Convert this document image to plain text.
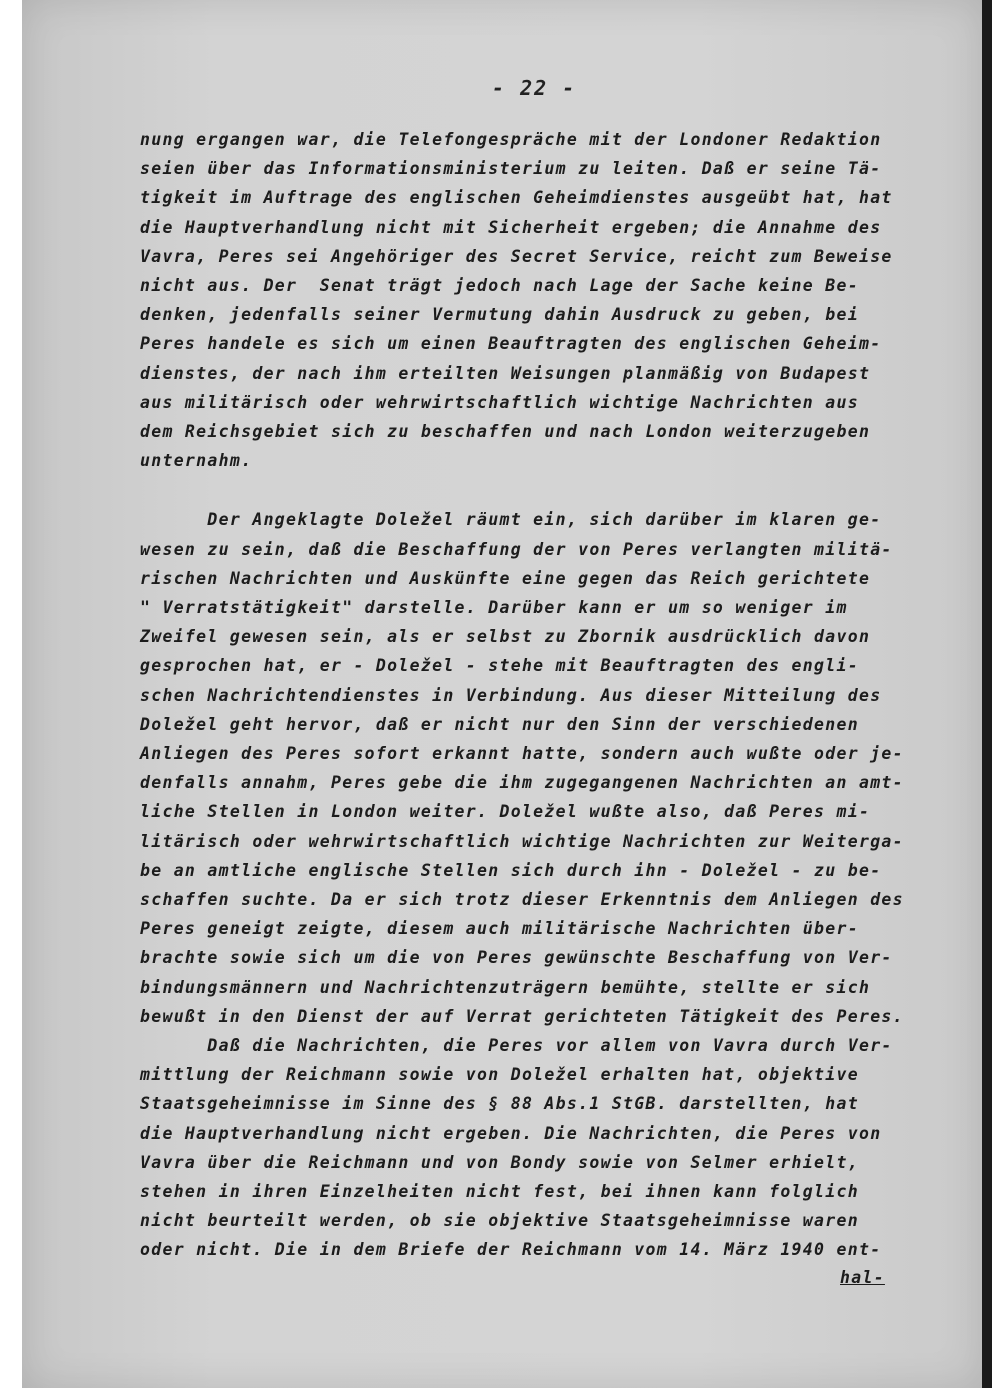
- 22 -
nung ergangen war, die Telefongespräche mit der Londoner Redaktion
seien über das Informationsministerium zu leiten. Daß er seine Tä-
tigkeit im Auftrage des englischen Geheimdienstes ausgeübt hat, hat
die Hauptverhandlung nicht mit Sicherheit ergeben; die Annahme des
Vavra, Peres sei Angehöriger des Secret Service, reicht zum Beweise
nicht aus. Der  Senat trägt jedoch nach Lage der Sache keine Be-
denken, jedenfalls seiner Vermutung dahin Ausdruck zu geben, bei
Peres handele es sich um einen Beauftragten des englischen Geheim-
dienstes, der nach ihm erteilten Weisungen planmäßig von Budapest
aus militärisch oder wehrwirtschaftlich wichtige Nachrichten aus
dem Reichsgebiet sich zu beschaffen und nach London weiterzugeben
unternahm.
Der Angeklagte Doležel räumt ein, sich darüber im klaren ge-
wesen zu sein, daß die Beschaffung der von Peres verlangten militä-
rischen Nachrichten und Auskünfte eine gegen das Reich gerichtete
" Verratstätigkeit" darstelle. Darüber kann er um so weniger im
Zweifel gewesen sein, als er selbst zu Zbornik ausdrücklich davon
gesprochen hat, er - Doležel - stehe mit Beauftragten des engli-
schen Nachrichtendienstes in Verbindung. Aus dieser Mitteilung des
Doležel geht hervor, daß er nicht nur den Sinn der verschiedenen
Anliegen des Peres sofort erkannt hatte, sondern auch wußte oder je-
denfalls annahm, Peres gebe die ihm zugegangenen Nachrichten an amt-
liche Stellen in London weiter. Doležel wußte also, daß Peres mi-
litärisch oder wehrwirtschaftlich wichtige Nachrichten zur Weiterga-
be an amtliche englische Stellen sich durch ihn - Doležel - zu be-
schaffen suchte. Da er sich trotz dieser Erkenntnis dem Anliegen des
Peres geneigt zeigte, diesem auch militärische Nachrichten über-
brachte sowie sich um die von Peres gewünschte Beschaffung von Ver-
bindungsmännern und Nachrichtenzuträgern bemühte, stellte er sich
bewußt in den Dienst der auf Verrat gerichteten Tätigkeit des Peres.
Daß die Nachrichten, die Peres vor allem von Vavra durch Ver-
mittlung der Reichmann sowie von Doležel erhalten hat, objektive
Staatsgeheimnisse im Sinne des § 88 Abs.1 StGB. darstellten, hat
die Hauptverhandlung nicht ergeben. Die Nachrichten, die Peres von
Vavra über die Reichmann und von Bondy sowie von Selmer erhielt,
stehen in ihren Einzelheiten nicht fest, bei ihnen kann folglich
nicht beurteilt werden, ob sie objektive Staatsgeheimnisse waren
oder nicht. Die in dem Briefe der Reichmann vom 14. März 1940 ent-
hal-
